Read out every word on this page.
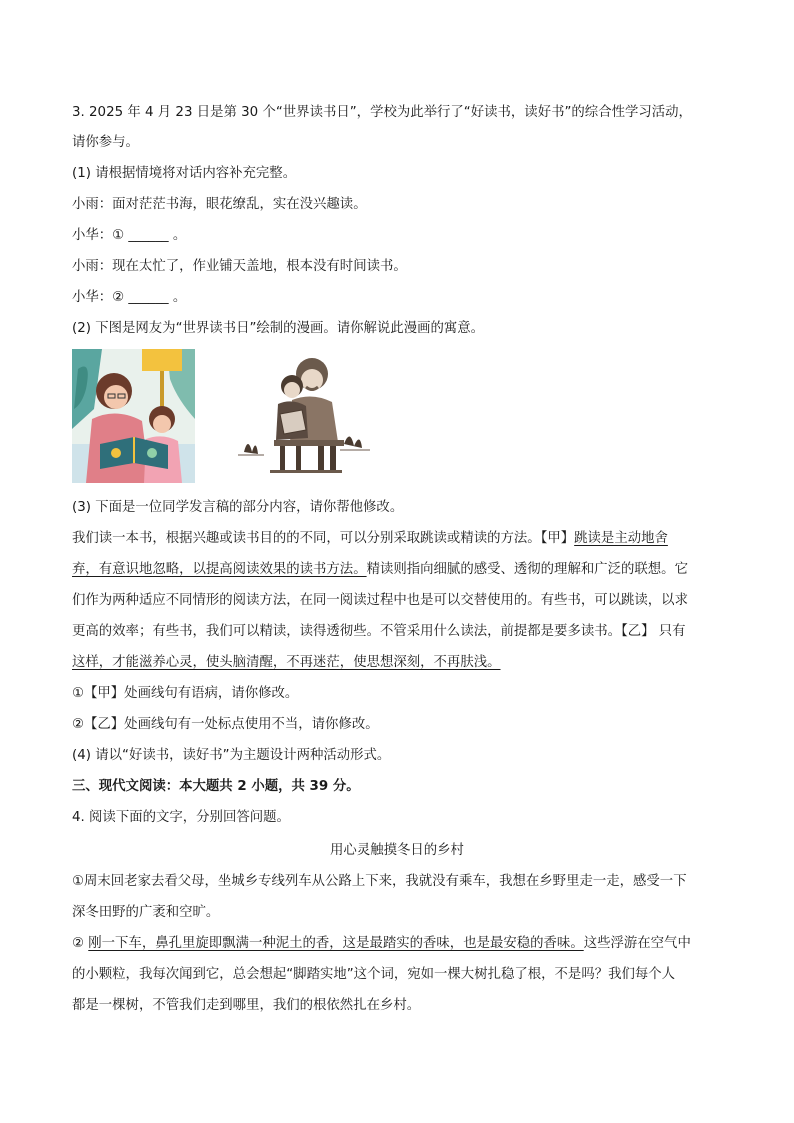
3. 2025 年 4 月 23 日是第 30 个“世界读书日”，学校为此举行了“好读书，读好书”的综合性学习活动，
请你参与。
(1) 请根据情境将对话内容补充完整。
小雨：面对茫茫书海，眼花缭乱，实在没兴趣读。
小华：① ______ 。
小雨：现在太忙了，作业铺天盖地，根本没有时间读书。
小华：② ______ 。
(2) 下图是网友为“世界读书日”绘制的漫画。请你解说此漫画的寓意。
(3) 下面是一位同学发言稿的部分内容，请你帮他修改。
我们读一本书，根据兴趣或读书目的的不同，可以分别采取跳读或精读的方法。【甲】跳读是主动地舍
弃，有意识地忽略，以提高阅读效果的读书方法。精读则指向细腻的感受、透彻的理解和广泛的联想。它
们作为两种适应不同情形的阅读方法，在同一阅读过程中也是可以交替使用的。有些书，可以跳读，以求
更高的效率；有些书，我们可以精读，读得透彻些。不管采用什么读法，前提都是要多读书。【乙】 只有
这样，才能滋养心灵，使头脑清醒，不再迷茫，使思想深刻，不再肤浅。
①【甲】处画线句有语病，请你修改。
②【乙】处画线句有一处标点使用不当，请你修改。
(4) 请以“好读书，读好书”为主题设计两种活动形式。
三、现代文阅读：本大题共 2 小题，共 39 分。
4. 阅读下面的文字，分别回答问题。
用心灵触摸冬日的乡村
①周末回老家去看父母，坐城乡专线列车从公路上下来，我就没有乘车，我想在乡野里走一走，感受一下
深冬田野的广袤和空旷。
② 刚一下车，鼻孔里旋即飘满一种泥土的香，这是最踏实的香味，也是最安稳的香味。这些浮游在空气中
的小颗粒，我每次闻到它，总会想起“脚踏实地”这个词，宛如一棵大树扎稳了根，不是吗？我们每个人
都是一棵树，不管我们走到哪里，我们的根依然扎在乡村。
